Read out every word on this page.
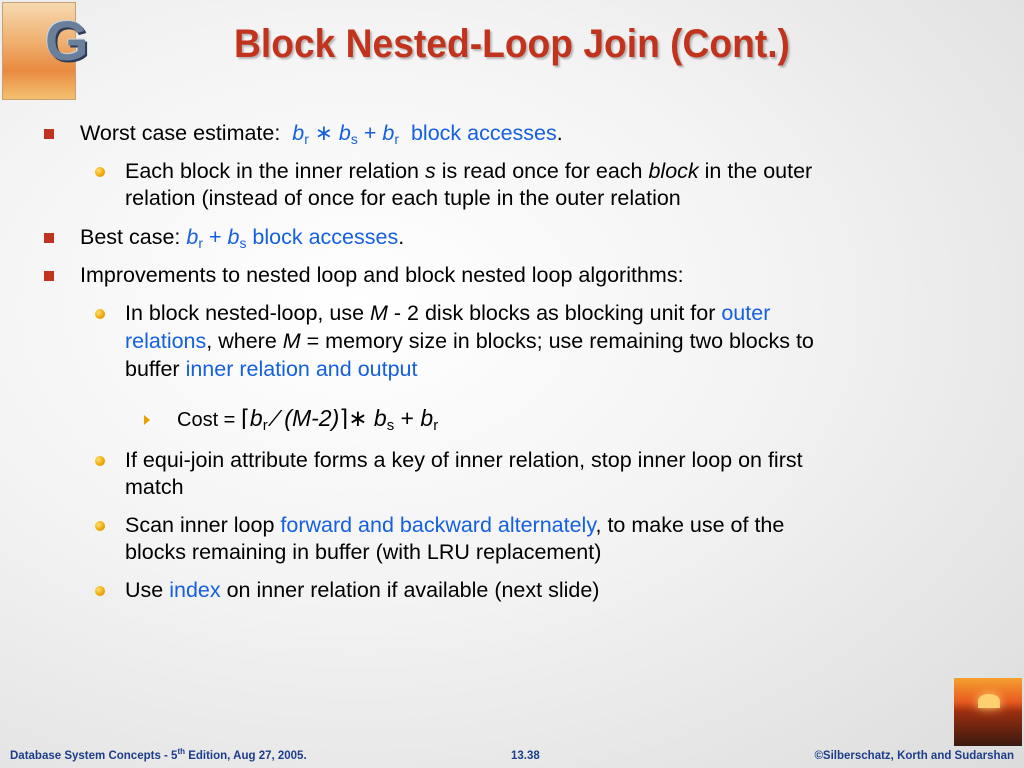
G	Block Nested-Loop Join (Cont.)
Worst case estimate: $b_r$ ∗ $b_s + b_r$ block accesses.
Each block in the inner relation s is read once for each block in the outer
relation (instead of once for each tuple in the outer relation
Best case: $b_r + b_s$ block accesses.
Improvements to nested loop and block nested loop algorithms:
In block nested-loop, use M - 2 disk blocks as blocking unit for outer
relations, where M = memory size in blocks; use remaining two blocks to
buffer inner relation and output
Cost = $⌈b_r$ ⁄ (M-2)⌉∗ $b_s + b_r$
If equi-join attribute forms a key of inner relation, stop inner loop on first
match
Scan inner loop forward and backward alternately, to make use of the
blocks remaining in buffer (with LRU replacement)
Use index on inner relation if available (next slide)
Database System Concepts - 5th Edition, Aug 27, 2005.	13.38	©Silberschatz, Korth and Sudarshan
